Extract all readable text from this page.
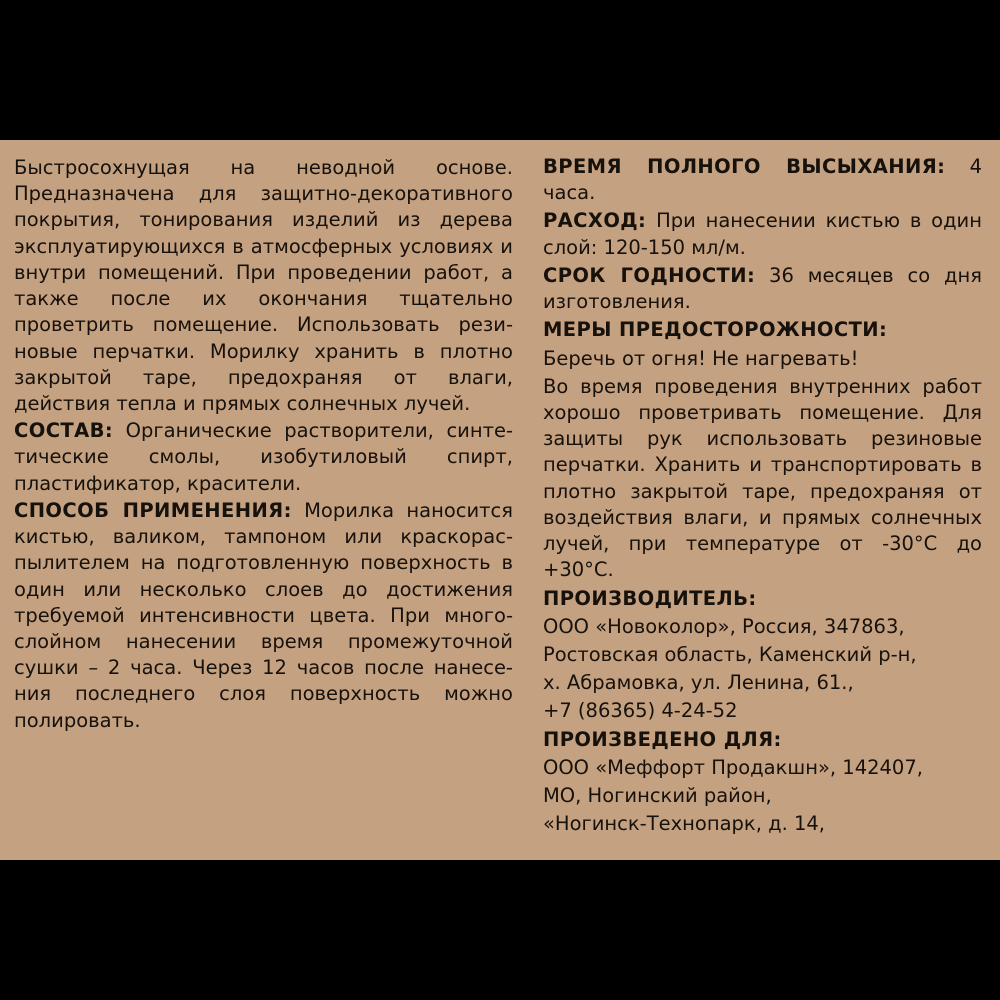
Быстросохнущая на неводной основе. Предназначена для защитно-декоративного покрытия, тонирования изделий из дерева эксплуатирующихся в атмосферных условиях и внутри помещений. При проведении работ, а также после их окончания тщательно проветрить помещение. Использовать рези-новые перчатки. Морилку хранить в плотно закрытой таре, предохраняя от влаги, действия тепла и прямых солнечных лучей.

СОСТАВ: Органические растворители, синте-тические смолы, изобутиловый спирт, пластификатор, красители.

СПОСОБ ПРИМЕНЕНИЯ: Морилка наносится кистью, валиком, тампоном или краскорас-пылителем на подготовленную поверхность в один или несколько слоев до достижения требуемой интенсивности цвета. При много-слойном нанесении время промежуточной сушки – 2 часа. Через 12 часов после нанесе-ния последнего слоя поверхность можно полировать.

ВРЕМЯ ПОЛНОГО ВЫСЫХАНИЯ: 4 часа.

РАСХОД: При нанесении кистью в один слой: 120-150 мл/м.

СРОК ГОДНОСТИ: 36 месяцев со дня изготовления.

МЕРЫ ПРЕДОСТОРОЖНОСТИ:

Беречь от огня! Не нагревать!

Во время проведения внутренних работ хорошо проветривать помещение. Для защиты рук использовать резиновые перчатки. Хранить и транспортировать в плотно закрытой таре, предохраняя от воздействия влаги, и прямых солнечных лучей, при температуре от -30°С до +30°С.

ПРОИЗВОДИТЕЛЬ:

ООО «Новоколор», Россия, 347863,

Ростовская область, Каменский р-н,

х. Абрамовка, ул. Ленина, 61.,

+7 (86365) 4-24-52

ПРОИЗВЕДЕНО ДЛЯ:

ООО «Меффорт Продакшн», 142407,

МО, Ногинский район,

«Ногинск-Технопарк, д. 14,
